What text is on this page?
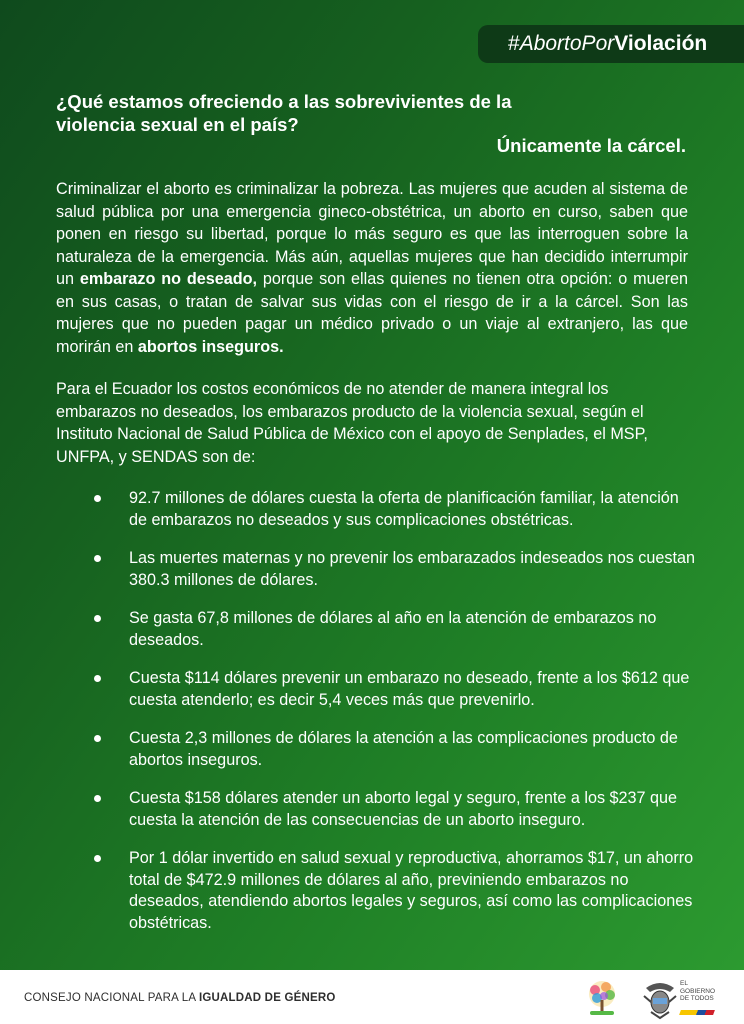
# AbortoPor Violación
¿Qué estamos ofreciendo a las sobrevivientes de la violencia sexual en el país?
Únicamente la cárcel.

Criminalizar el aborto es criminalizar la pobreza. Las mujeres que acuden al sistema de salud pública por una emergencia gineco-obstétrica, un aborto en curso, saben que ponen en riesgo su libertad, porque lo más seguro es que las interroguen sobre la naturaleza de la emergencia. Más aún, aquellas mujeres que han decidido interrumpir un embarazo no deseado, porque son ellas quienes no tienen otra opción: o mueren en sus casas, o tratan de salvar sus vidas con el riesgo de ir a la cárcel. Son las mujeres que no pueden pagar un médico privado o un viaje al extranjero, las que morirán en abortos inseguros.

Para el Ecuador los costos económicos de no atender de manera integral los embarazos no deseados, los embarazos producto de la violencia sexual, según el Instituto Nacional de Salud Pública de México con el apoyo de Senplades, el MSP, UNFPA, y SENDAS son de:

92.7 millones de dólares cuesta la oferta de planificación familiar, la atención de embarazos no deseados y sus complicaciones obstétricas.
Las muertes maternas y no prevenir los embarazados indeseados nos cuestan 380.3 millones de dólares.
Se gasta 67,8 millones de dólares al año en la atención de embarazos no deseados.
Cuesta $114 dólares prevenir un embarazo no deseado, frente a los $612 que cuesta atenderlo; es decir 5,4 veces más que prevenirlo.
Cuesta 2,3 millones de dólares la atención a las complicaciones producto de abortos inseguros.
Cuesta $158 dólares atender un aborto legal y seguro, frente a los $237 que cuesta la atención de las consecuencias de un aborto inseguro.
Por 1 dólar invertido en salud sexual y reproductiva, ahorramos $17, un ahorro total de $472.9 millones de dólares al año, previniendo embarazos no deseados, atendiendo abortos legales y seguros, así como las complicaciones obstétricas.
CONSEJO NACIONAL PARA LA IGUALDAD DE GÉNERO
EL
GOBIERNO
DE TODOS
